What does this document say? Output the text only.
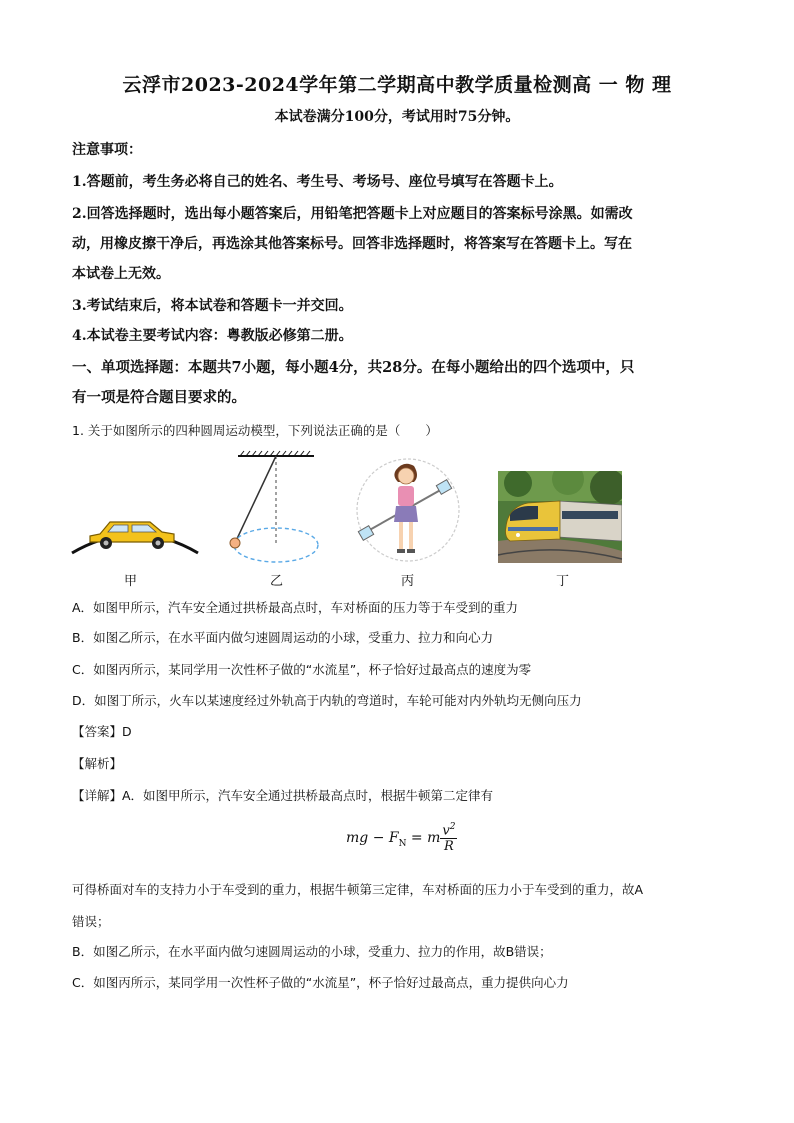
云浮市2023-2024学年第二学期高中教学质量检测高 一 物 理
本试卷满分100分，考试用时75分钟。
注意事项：
1.答题前，考生务必将自己的姓名、考生号、考场号、座位号填写在答题卡上。
2.回答选择题时，选出每小题答案后，用铅笔把答题卡上对应题目的答案标号涂黑。如需改
动，用橡皮擦干净后，再选涂其他答案标号。回答非选择题时，将答案写在答题卡上。写在
本试卷上无效。
3.考试结束后，将本试卷和答题卡一并交回。
4.本试卷主要考试内容：粤教版必修第二册。
一、单项选择题：本题共7小题，每小题4分，共28分。在每小题给出的四个选项中，只
有一项是符合题目要求的。
1. 关于如图所示的四种圆周运动模型，下列说法正确的是（　　）
甲	乙	丙	丁
A．如图甲所示，汽车安全通过拱桥最高点时，车对桥面的压力等于车受到的重力
B．如图乙所示，在水平面内做匀速圆周运动的小球，受重力、拉力和向心力
C．如图丙所示，某同学用一次性杯子做的“水流星”，杯子恰好过最高点的速度为零
D．如图丁所示，火车以某速度经过外轨高于内轨的弯道时，车轮可能对内外轨均无侧向压力
【答案】D
【解析】
【详解】A．如图甲所示，汽车安全通过拱桥最高点时，根据牛顿第二定律有
mg − $F_N = m \frac{v^2}{R}$
可得桥面对车的支持力小于车受到的重力，根据牛顿第三定律，车对桥面的压力小于车受到的重力，故A
错误；
B．如图乙所示，在水平面内做匀速圆周运动的小球，受重力、拉力的作用，故B错误；
C．如图丙所示，某同学用一次性杯子做的“水流星”，杯子恰好过最高点，重力提供向心力
